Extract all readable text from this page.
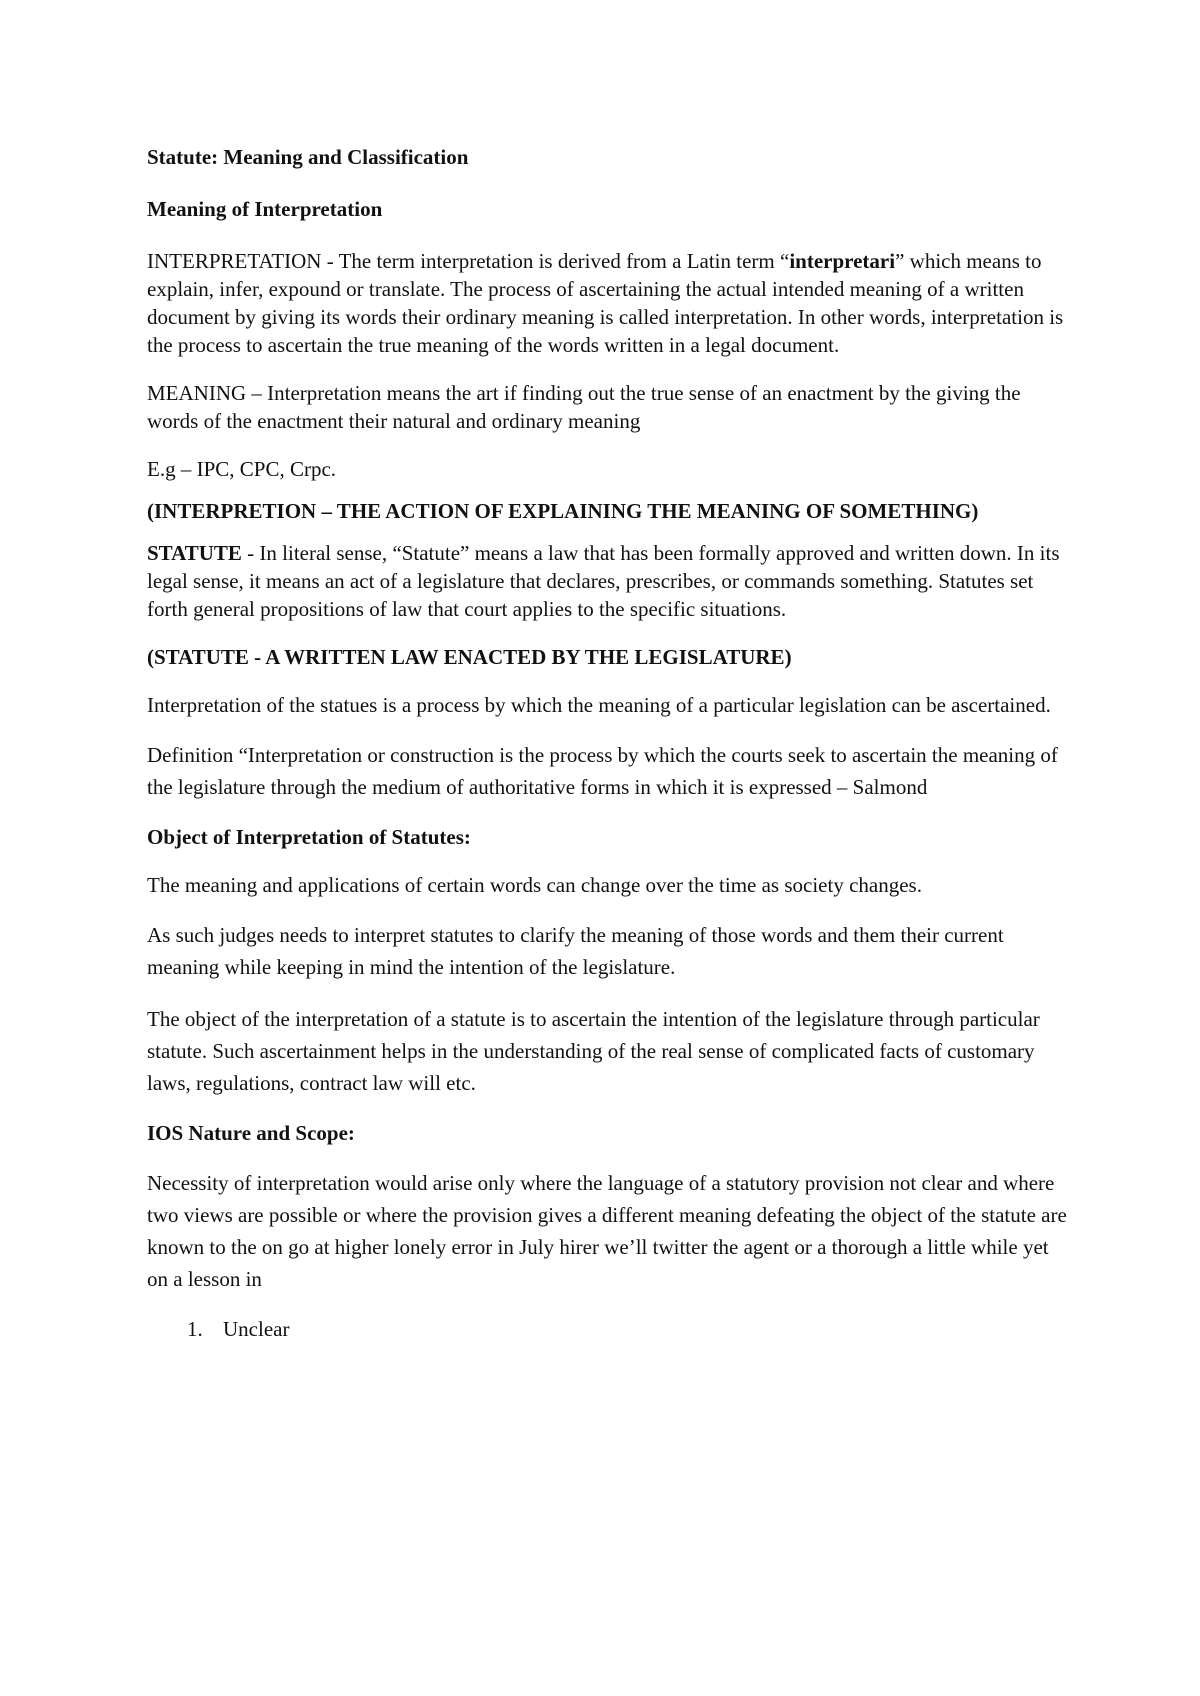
Statute: Meaning and Classification
Meaning of Interpretation

INTERPRETATION - The term interpretation is derived from a Latin term “interpretari” which means to explain, infer, expound or translate. The process of ascertaining the actual intended meaning of a written document by giving its words their ordinary meaning is called interpretation. In other words, interpretation is the process to ascertain the true meaning of the words written in a legal document.

MEANING – Interpretation means the art if finding out the true sense of an enactment by the giving the words of the enactment their natural and ordinary meaning

E.g – IPC, CPC, Crpc.

(INTERPRETION – THE ACTION OF EXPLAINING THE MEANING OF SOMETHING)

STATUTE - In literal sense, “Statute” means a law that has been formally approved and written down. In its legal sense, it means an act of a legislature that declares, prescribes, or commands something. Statutes set forth general propositions of law that court applies to the specific situations.

(STATUTE - A WRITTEN LAW ENACTED BY THE LEGISLATURE)

Interpretation of the statues is a process by which the meaning of a particular legislation can be ascertained.

Definition “Interpretation or construction is the process by which the courts seek to ascertain the meaning of the legislature through the medium of authoritative forms in which it is expressed – Salmond

Object of Interpretation of Statutes:

The meaning and applications of certain words can change over the time as society changes.

As such judges needs to interpret statutes to clarify the meaning of those words and them their current meaning while keeping in mind the intention of the legislature.

The object of the interpretation of a statute is to ascertain the intention of the legislature through particular statute. Such ascertainment helps in the understanding of the real sense of complicated facts of customary laws, regulations, contract law will etc.

IOS Nature and Scope:

Necessity of interpretation would arise only where the language of a statutory provision not clear and where two views are possible or where the provision gives a different meaning defeating the object of the statute are known to the on go at higher lonely error in July hirer we’ll twitter the agent or a thorough a little while yet on a lesson in

1. Unclear
